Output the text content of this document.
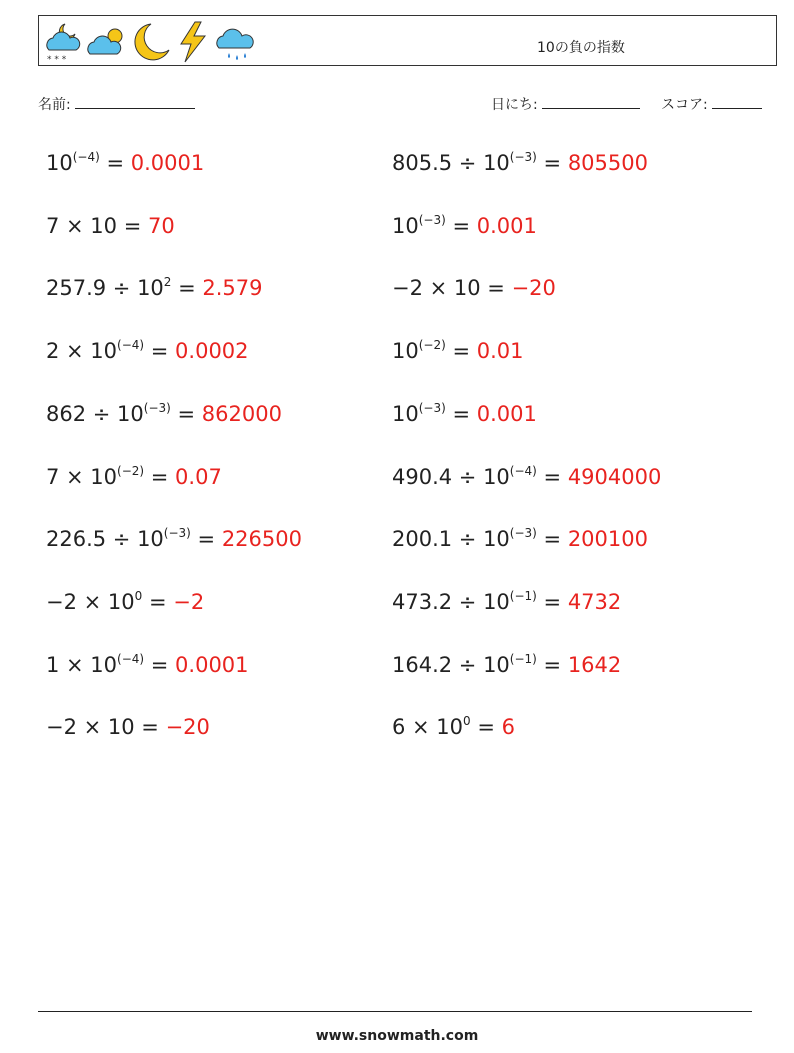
* * *
10の負の指数
名前:	日にち:	スコア:
$10^{(-4)} = 0.0001$	$805.5 \div 10^{(-3)} = 805500$
7 × 10 = 70	$10^{(-3)} = 0.001$
$257.9 \div 10^2 = 2.579$	−2 × 10 = −20
$2 \times 10^{(-4)} = 0.0002$	$10^{(-2)} = 0.01$
$862 \div 10^{(-3)} = 862000$	$10^{(-3)} = 0.001$
$7 \times 10^{(-2)} = 0.07$	$490.4 \div 10^{(-4)} = 4904000$
$226.5 \div 10^{(-3)} = 226500$	$200.1 \div 10^{(-3)} = 200100$
$-2 \times 10^0 = -2$	$473.2 \div 10^{(-1)} = 4732$
$1 \times 10^{(-4)} = 0.0001$	$164.2 \div 10^{(-1)} = 1642$
−2 × 10 = −20	$6 \times 10^0 = 6$
www.snowmath.com
